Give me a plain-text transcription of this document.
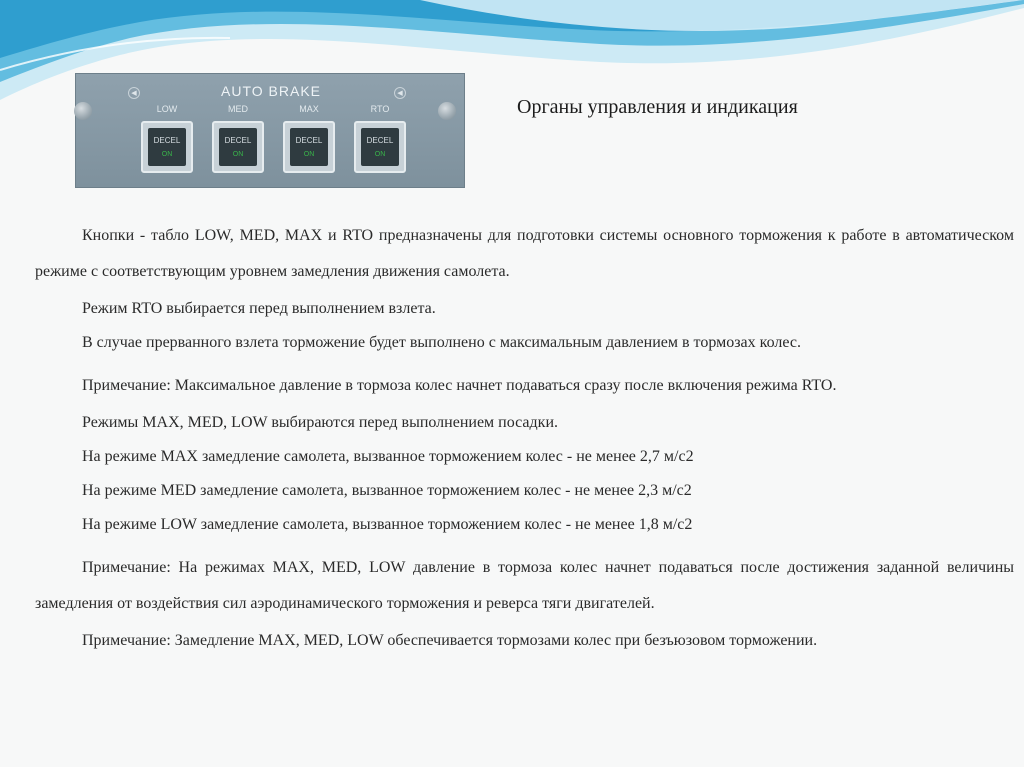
AUTO BRAKE
◀	◀
LOW	MED	MAX	RTO
DECEL
ON
DECEL
ON
DECEL
ON
DECEL
ON
Органы управления и индикация

Кнопки - табло LOW, MED, MAX и RTO предназначены для подготовки системы основного торможения к работе в автоматическом режиме с соответствующим уровнем замедления движения самолета.

Режим RTO выбирается перед выполнением взлета.

В случае прерванного взлета торможение будет выполнено с максимальным давлением в тормозах колес.

Примечание: Максимальное давление в тормоза колес начнет подаваться сразу после включения режима RTO.

Режимы MAX, MED, LOW выбираются перед выполнением посадки.

На режиме MAX замедление самолета, вызванное торможением колес - не менее 2,7 м/с2

На режиме MED замедление самолета, вызванное торможением колес - не менее 2,3 м/с2

На режиме LOW замедление самолета, вызванное торможением колес - не менее 1,8 м/с2

Примечание: На режимах MAX, MED, LOW давление в тормоза колес начнет подаваться после достижения заданной величины замедления от воздействия сил аэродинамического торможения и реверса тяги двигателей.

Примечание: Замедление MAX, MED, LOW обеспечивается тормозами колес при безъюзовом торможении.
